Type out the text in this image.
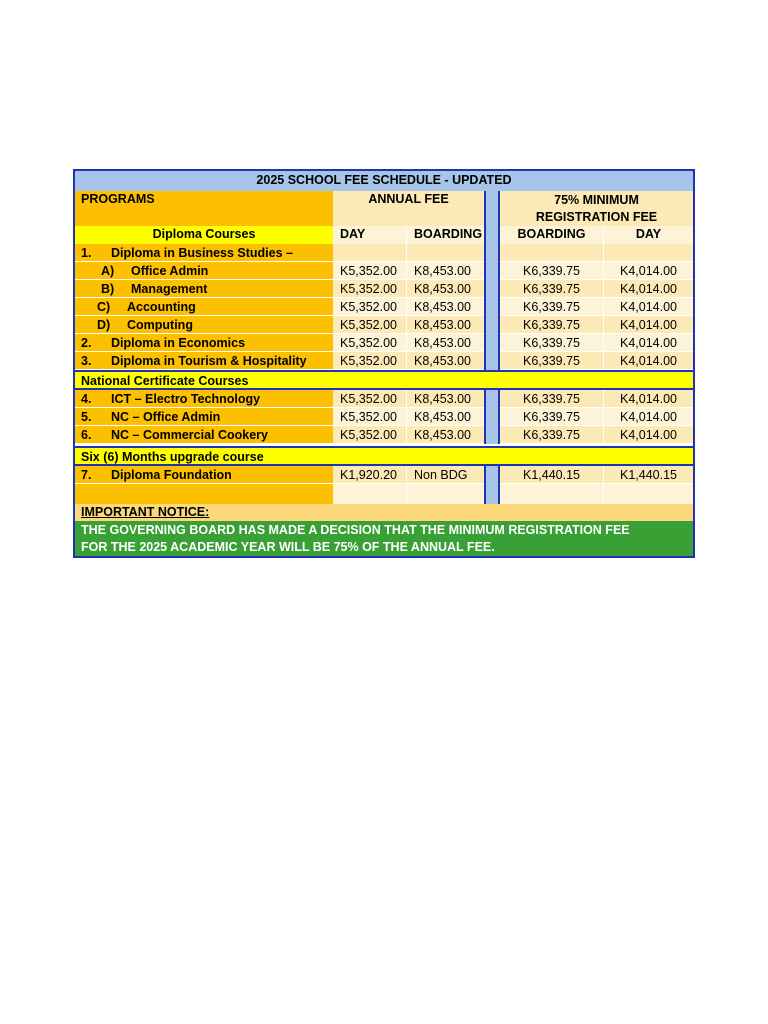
2025 SCHOOL FEE SCHEDULE - UPDATED
PROGRAMS	ANNUAL FEE	75% MINIMUM
REGISTRATION FEE
Diploma Courses	DAY	BOARDING	BOARDING	DAY
1. Diploma in Business Studies –
A) Office Admin	K5,352.00	K8,453.00	K6,339.75	K4,014.00
B) Management	K5,352.00	K8,453.00	K6,339.75	K4,014.00
C) Accounting	K5,352.00	K8,453.00	K6,339.75	K4,014.00
D) Computing	K5,352.00	K8,453.00	K6,339.75	K4,014.00
2. Diploma in Economics	K5,352.00	K8,453.00	K6,339.75	K4,014.00
3. Diploma in Tourism & Hospitality	K5,352.00	K8,453.00	K6,339.75	K4,014.00
National Certificate Courses
4. ICT – Electro Technology	K5,352.00	K8,453.00	K6,339.75	K4,014.00
5. NC – Office Admin	K5,352.00	K8,453.00	K6,339.75	K4,014.00
6. NC – Commercial Cookery	K5,352.00	K8,453.00	K6,339.75	K4,014.00
Six (6) Months upgrade course
7. Diploma Foundation	K1,920.20	Non BDG	K1,440.15	K1,440.15
IMPORTANT NOTICE:
THE GOVERNING BOARD HAS MADE A DECISION THAT THE MINIMUM REGISTRATION FEE
FOR THE 2025 ACADEMIC YEAR WILL BE 75% OF THE ANNUAL FEE.
